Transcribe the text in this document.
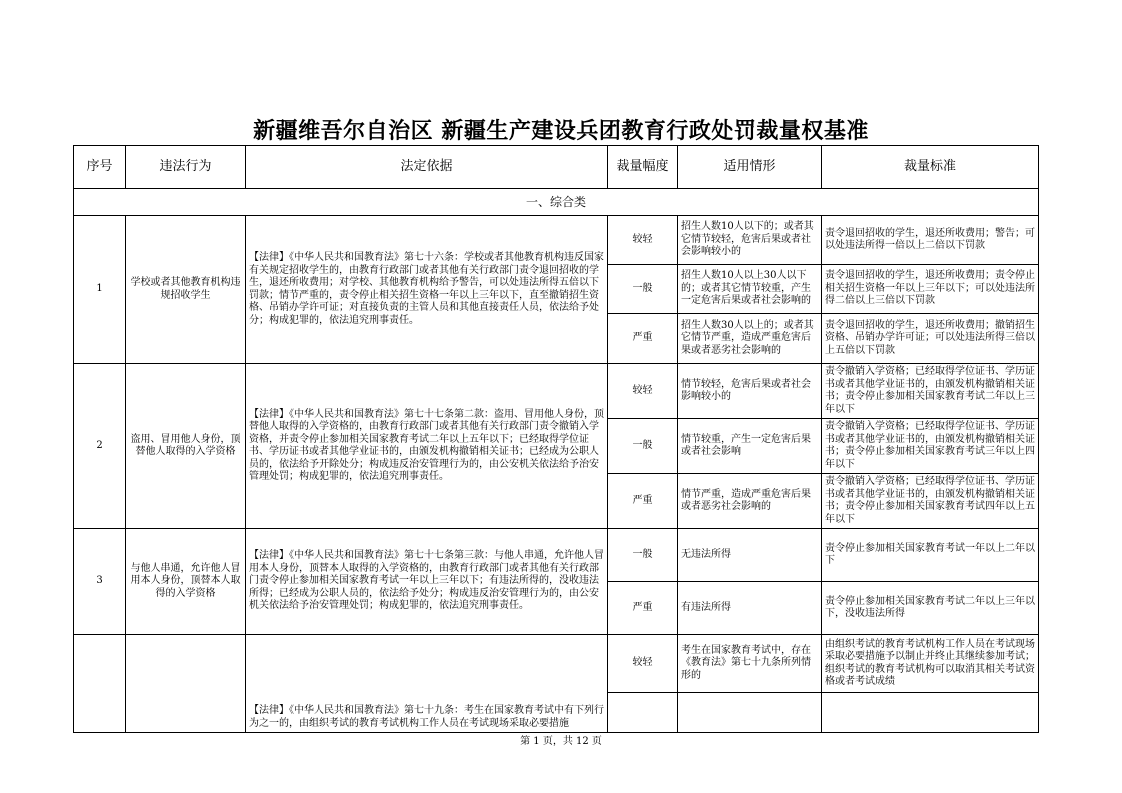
新疆维吾尔自治区 新疆生产建设兵团教育行政处罚裁量权基准
序号	违法行为	法定依据	裁量幅度	适用情形	裁量标准
一、综合类					
1	学校或者其他教育机构违规招收学生	【法律】《中华人民共和国教育法》第七十六条：学校或者其他教育机构违反国家有关规定招收学生的，由教育行政部门或者其他有关行政部门责令退回招收的学生，退还所收费用；对学校、其他教育机构给予警告，可以处违法所得五倍以下罚款；情节严重的，责令停止相关招生资格一年以上三年以下，直至撤销招生资格、吊销办学许可证；对直接负责的主管人员和其他直接责任人员，依法给予处分；构成犯罪的，依法追究刑事责任。	较轻	招生人数10人以下的；或者其它情节较轻，危害后果或者社会影响较小的	责令退回招收的学生，退还所收费用；警告；可以处违法所得一倍以上二倍以下罚款
			一般	招生人数10人以上30人以下的；或者其它情节较重，产生一定危害后果或者社会影响的	责令退回招收的学生，退还所收费用；责令停止相关招生资格一年以上三年以下；可以处违法所得二倍以上三倍以下罚款
			严重	招生人数30人以上的；或者其它情节严重，造成严重危害后果或者恶劣社会影响的	责令退回招收的学生，退还所收费用；撤销招生资格、吊销办学许可证；可以处违法所得三倍以上五倍以下罚款
2	盗用、冒用他人身份，顶替他人取得的入学资格	【法律】《中华人民共和国教育法》第七十七条第二款：盗用、冒用他人身份，顶替他人取得的入学资格的，由教育行政部门或者其他有关行政部门责令撤销入学资格，并责令停止参加相关国家教育考试二年以上五年以下；已经取得学位证书、学历证书或者其他学业证书的，由颁发机构撤销相关证书；已经成为公职人员的，依法给予开除处分；构成违反治安管理行为的，由公安机关依法给予治安管理处罚；构成犯罪的，依法追究刑事责任。	较轻	情节较轻，危害后果或者社会影响较小的	责令撤销入学资格；已经取得学位证书、学历证书或者其他学业证书的，由颁发机构撤销相关证书；责令停止参加相关国家教育考试二年以上三年以下
			一般	情节较重，产生一定危害后果或者社会影响	责令撤销入学资格；已经取得学位证书、学历证书或者其他学业证书的，由颁发机构撤销相关证书；责令停止参加相关国家教育考试三年以上四年以下
			严重	情节严重，造成严重危害后果或者恶劣社会影响的	责令撤销入学资格；已经取得学位证书、学历证书或者其他学业证书的，由颁发机构撤销相关证书；责令停止参加相关国家教育考试四年以上五年以下
3	与他人串通，允许他人冒用本人身份，顶替本人取得的入学资格	【法律】《中华人民共和国教育法》第七十七条第三款：与他人串通，允许他人冒用本人身份，顶替本人取得的入学资格的，由教育行政部门或者其他有关行政部门责令停止参加相关国家教育考试一年以上三年以下；有违法所得的，没收违法所得；已经成为公职人员的，依法给予处分；构成违反治安管理行为的，由公安机关依法给予治安管理处罚；构成犯罪的，依法追究刑事责任。	一般	无违法所得	责令停止参加相关国家教育考试一年以上二年以下
			严重	有违法所得	责令停止参加相关国家教育考试二年以上三年以下，没收违法所得
		【法律】《中华人民共和国教育法》第七十九条：考生在国家教育考试中有下列行为之一的，由组织考试的教育考试机构工作人员在考试现场采取必要措施	较轻	考生在国家教育考试中，存在《教育法》第七十九条所列情形的	由组织考试的教育考试机构工作人员在考试现场采取必要措施予以制止并终止其继续参加考试；组织考试的教育考试机构可以取消其相关考试资格或者考试成绩

第 1 页，共 12 页
